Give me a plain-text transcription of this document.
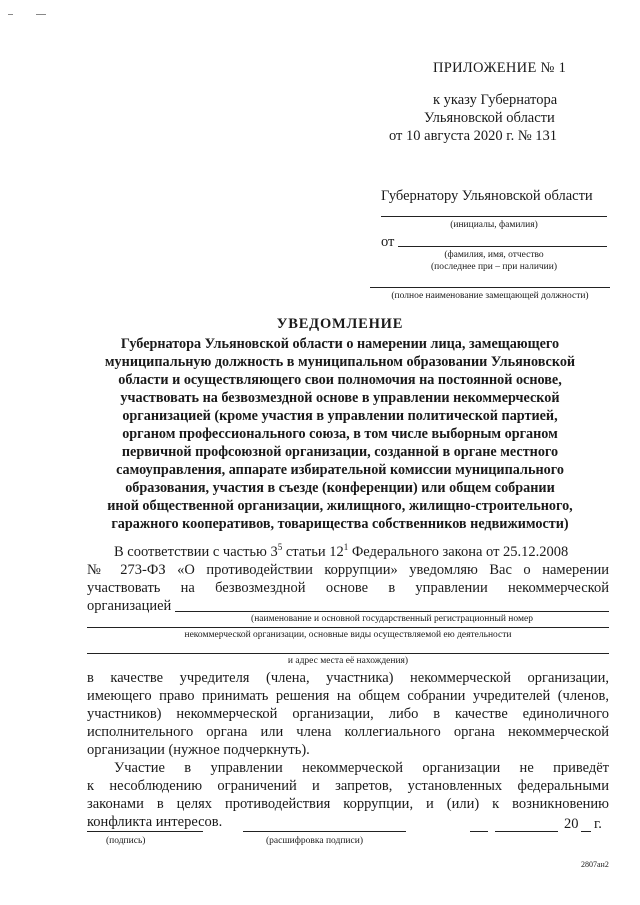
ПРИЛОЖЕНИЕ № 1
к указу Губернатора
Ульяновской области
от 10 августа 2020 г. № 131
Губернатору Ульяновской области
(инициалы, фамилия)
от
(фамилия, имя, отчество
(последнее при – при наличии)
(полное наименование замещающей должности)
УВЕДОМЛЕНИЕ
Губернатора Ульяновской области о намерении лица, замещающего
муниципальную должность в муниципальном образовании Ульяновской
области и осуществляющего свои полномочия на постоянной основе,
участвовать на безвозмездной основе в управлении некоммерческой
организацией (кроме участия в управлении политической партией,
органом профессионального союза, в том числе выборным органом
первичной профсоюзной организации, созданной в органе местного
самоуправления, аппарате избирательной комиссии муниципального
образования, участия в съезде (конференции) или общем собрании
иной общественной организации, жилищного, жилищно-строительного,
гаражного кооперативов, товарищества собственников недвижимости)
В соответствии с частью $3^5$ статьи $12^1$ Федерального закона от 25.12.2008
№ 273-ФЗ «О противодействии коррупции» уведомляю Вас о намерении
участвовать на безвозмездной основе в управлении некоммерческой
организацией
(наименование и основной государственный регистрационный номер
некоммерческой организации, основные виды осуществляемой ею деятельности
и адрес места её нахождения)
в качестве учредителя (члена, участника) некоммерческой организации,
имеющего право принимать решения на общем собрании учредителей (членов,
участников) некоммерческой организации, либо в качестве единоличного
исполнительного органа или члена коллегиального органа некоммерческой
организации (нужное подчеркнуть).
Участие в управлении некоммерческой организации не приведёт
к несоблюдению ограничений и запретов, установленных федеральными
законами в целях противодействия коррупции, и (или) к возникновению
конфликта интересов.
(подпись)	(расшифровка подписи)
20 г.
2807ан2
